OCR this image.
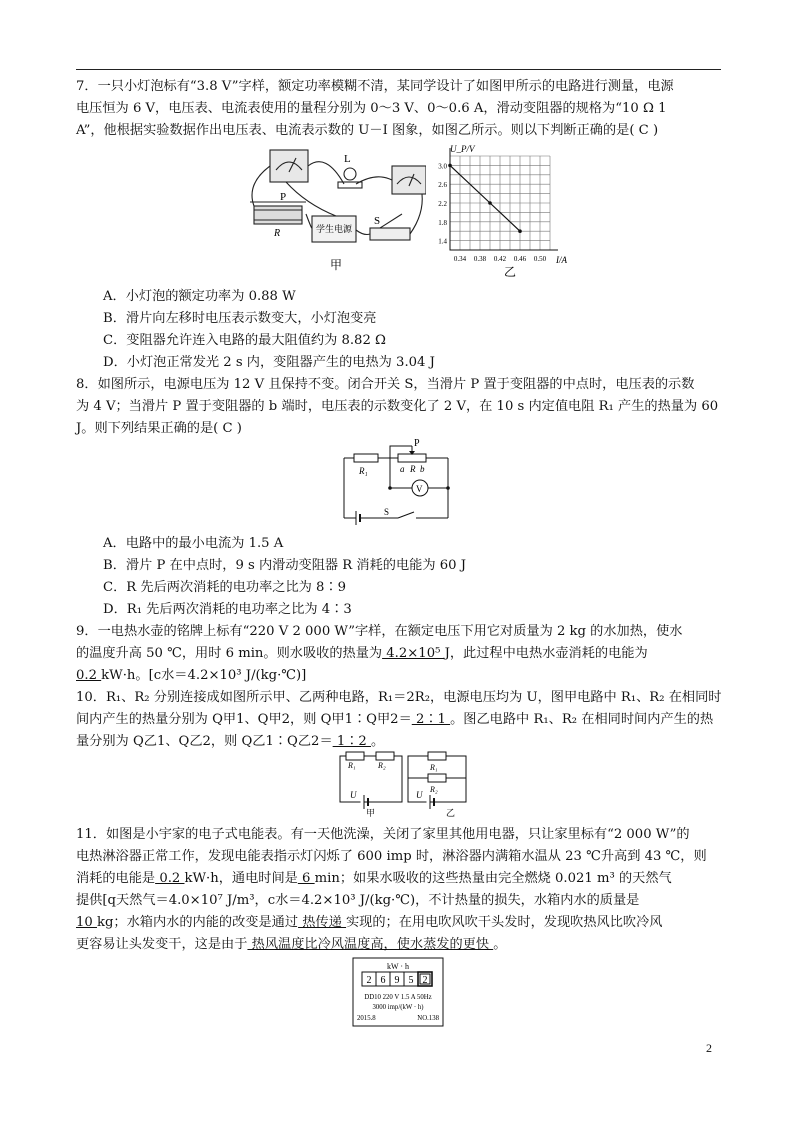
7．一只小灯泡标有“3.8 V”字样，额定功率模糊不清，某同学设计了如图甲所示的电路进行测量，电源
电压恒为 6 V，电压表、电流表使用的量程分别为 0～3 V、0～0.6 A，滑动变阻器的规格为“10 Ω 1
A”，他根据实验数据作出电压表、电流表示数的 U－I 图象，如图乙所示。则以下判断正确的是( C )
L
P
R	学生电源
S
甲	0.34 0.38 0.42 0.46 0.50
3.0
2.6
2.2
1.8
1.4
U_P/V
I/A
乙
A．小灯泡的额定功率为 0.88 W
B．滑片向左移时电压表示数变大，小灯泡变亮
C．变阻器允许连入电路的最大阻值约为 8.82 Ω
D．小灯泡正常发光 2 s 内，变阻器产生的电热为 3.04 J
8．如图所示，电源电压为 12 V 且保持不变。闭合开关 S，当滑片 P 置于变阻器的中点时，电压表的示数
为 4 V；当滑片 P 置于变阻器的 b 端时，电压表的示数变化了 2 V，在 10 s 内定值电阻 R₁ 产生的热量为 60
J。则下列结果正确的是( C )
P
R₁	a R b
V
S
A．电路中的最小电流为 1.5 A
B．滑片 P 在中点时，9 s 内滑动变阻器 R 消耗的电能为 60 J
C．R 先后两次消耗的电功率之比为 8∶9
D．R₁ 先后两次消耗的电功率之比为 4∶3
9．一电热水壶的铭牌上标有“220 V 2 000 W”字样，在额定电压下用它对质量为 2 kg 的水加热，使水
的温度升高 50 ℃，用时 6 min。则水吸收的热量为 4.2×10⁵ J，此过程中电热水壶消耗的电能为
0.2 kW·h。[c水＝4.2×10³ J/(kg·℃)]
10．R₁、R₂ 分别连接成如图所示甲、乙两种电路，R₁＝2R₂，电源电压均为 U，图甲电路中 R₁、R₂ 在相同时
间内产生的热量分别为 Q甲1、Q甲2，则 Q甲1∶Q甲2＝ 2∶1 。图乙电路中 R₁、R₂ 在相同时间内产生的热
量分别为 Q乙1、Q乙2，则 Q乙1∶Q乙2＝ 1∶2 。
R₁	R₂
U
甲
R₁
R₂
U
乙
11．如图是小宇家的电子式电能表。有一天他洗澡，关闭了家里其他用电器，只让家里标有“2 000 W”的
电热淋浴器正常工作，发现电能表指示灯闪烁了 600 imp 时，淋浴器内满箱水温从 23 ℃升高到 43 ℃，则
消耗的电能是 0.2 kW·h，通电时间是 6 min；如果水吸收的这些热量由完全燃烧 0.021 m³ 的天然气
提供[q天然气＝4.0×10⁷ J/m³，c水＝4.2×10³ J/(kg·℃)，不计热量的损失，水箱内水的质量是
10 kg；水箱内水的内能的改变是通过 热传递 实现的；在用电吹风吹干头发时，发现吹热风比吹冷风
更容易让头发变干，这是由于 热风温度比冷风温度高，使水蒸发的更快 。
kW · h
2 6 9 5 2
DD10 220 V 1.5 A 50Hz
3000 imp/(kW · h)
2015.8	NO.138
2
